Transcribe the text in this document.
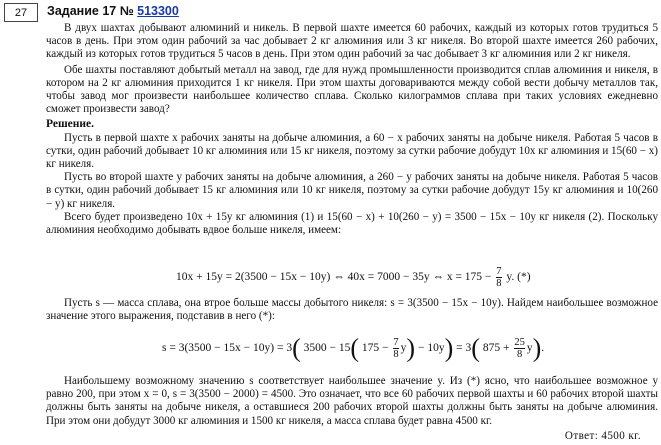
27	Задание 17 № 513300

В двух шахтах добывают алюминий и никель. В первой шахте имеется 60 рабочих, каждый из которых готов трудиться 5 часов в день. При этом один рабочий за час добывает 2 кг алюминия или 3 кг никеля. Во второй шахте имеется 260 рабочих, каждый из которых готов трудиться 5 часов в день. При этом один рабочий за час добывает 3 кг алюминия или 2 кг никеля.

Обе шахты поставляют добытый металл на завод, где для нужд промышленности производится сплав алюминия и никеля, в котором на 2 кг алюминия приходится 1 кг никеля. При этом шахты договариваются между собой вести добычу металлов так, чтобы завод мог произвести наибольшее количество сплава. Сколько килограммов сплава при таких условиях ежедневно сможет произвести завод?

Решение.

Пусть в первой шахте x рабочих заняты на добыче алюминия, а 60 − x рабочих заняты на добыче никеля. Работая 5 часов в сутки, один рабочий добывает 10 кг алюминия или 15 кг никеля, поэтому за сутки рабочие добудут 10x кг алюминия и 15(60 − x) кг никеля.

Пусть во второй шахте y рабочих заняты на добыче алюминия, а 260 − y рабочих заняты на добыче никеля. Работая 5 часов в сутки, один рабочий добывает 15 кг алюминия или 10 кг никеля, поэтому за сутки рабочие добудут 15y кг алюминия и 10(260 − y) кг никеля.

Всего будет произведено 10x + 15y кг алюминия (1) и 15(60 − x) + 10(260 − y) = 3500 − 15x − 10y кг никеля (2). Поскольку алюминия необходимо добывать вдвое больше никеля, имеем:

10x + 15y = 2(3500 − 15x − 10y) ⇔ 40x = 7000 − 35y ⇔ $x = 175 - \frac{7}{8} y$. (*)

Пусть s — масса сплава, она втрое больше массы добытого никеля: s = 3(3500 − 15x − 10y). Найдем наибольшее возможное значение этого выражения, подставив в него (*):

s = 3(3500 − 15x − 10y) = 3( 3500 − 15( $175 - \frac{7}{8} y) - 10y) = 3$( $875 + \frac{25}{8} y$).

Наибольшему возможному значению s соответствует наибольшее значение y. Из (*) ясно, что наибольшее возможное y равно 200, при этом x = 0, s = 3(3500 − 2000) = 4500. Это означает, что все 60 рабочих первой шахты и 60 рабочих второй шахты должны быть заняты на добыче никеля, а оставшиеся 200 рабочих второй шахты должны быть заняты на добыче алюминия. При этом они добудут 3000 кг алюминия и 1500 кг никеля, а масса сплава будет равна 4500 кг.

Ответ: 4500 кг.
